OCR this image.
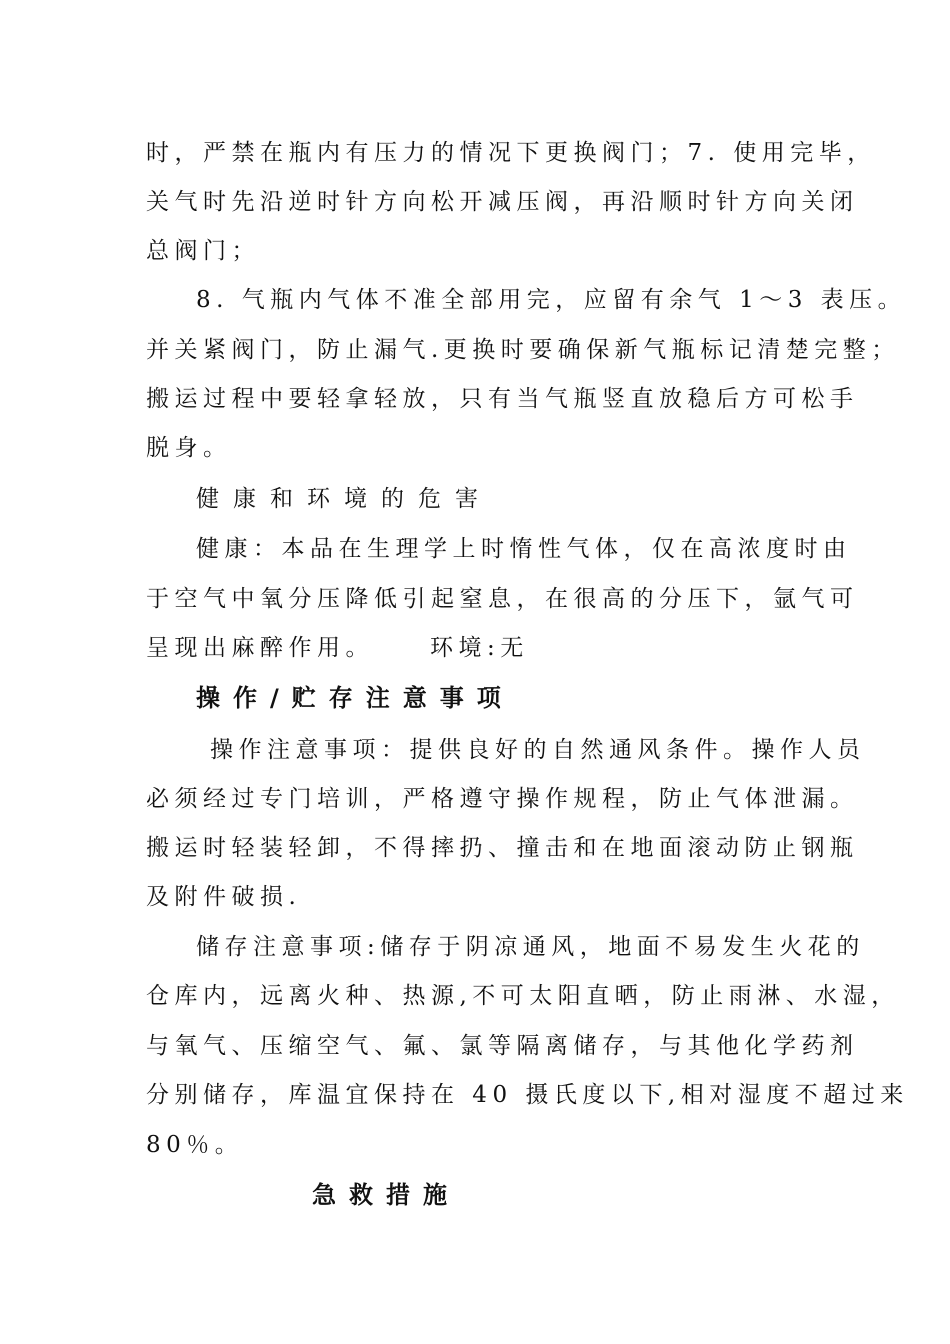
时，严禁在瓶内有压力的情况下更换阀门；7. 使用完毕，
关气时先沿逆时针方向松开减压阀，再沿顺时针方向关闭
总阀门；
8. 气瓶内气体不准全部用完，应留有余气 1～3 表压。
并关紧阀门，防止漏气.更换时要确保新气瓶标记清楚完整；
搬运过程中要轻拿轻放，只有当气瓶竖直放稳后方可松手
脱身。
健康和环境的危害
健康：本品在生理学上时惰性气体，仅在高浓度时由
于空气中氧分压降低引起窒息，在很高的分压下，氩气可
呈现出麻醉作用。 环境:无
操作/贮存注意事项
操作注意事项：提供良好的自然通风条件。操作人员
必须经过专门培训，严格遵守操作规程，防止气体泄漏。
搬运时轻装轻卸，不得摔扔、撞击和在地面滚动防止钢瓶
及附件破损.
储存注意事项:储存于阴凉通风，地面不易发生火花的
仓库内，远离火种、热源,不可太阳直晒，防止雨淋、水湿，
与氧气、压缩空气、氟、氯等隔离储存，与其他化学药剂
分别储存，库温宜保持在 40 摄氏度以下,相对湿度不超过来
80％。
急救措施
